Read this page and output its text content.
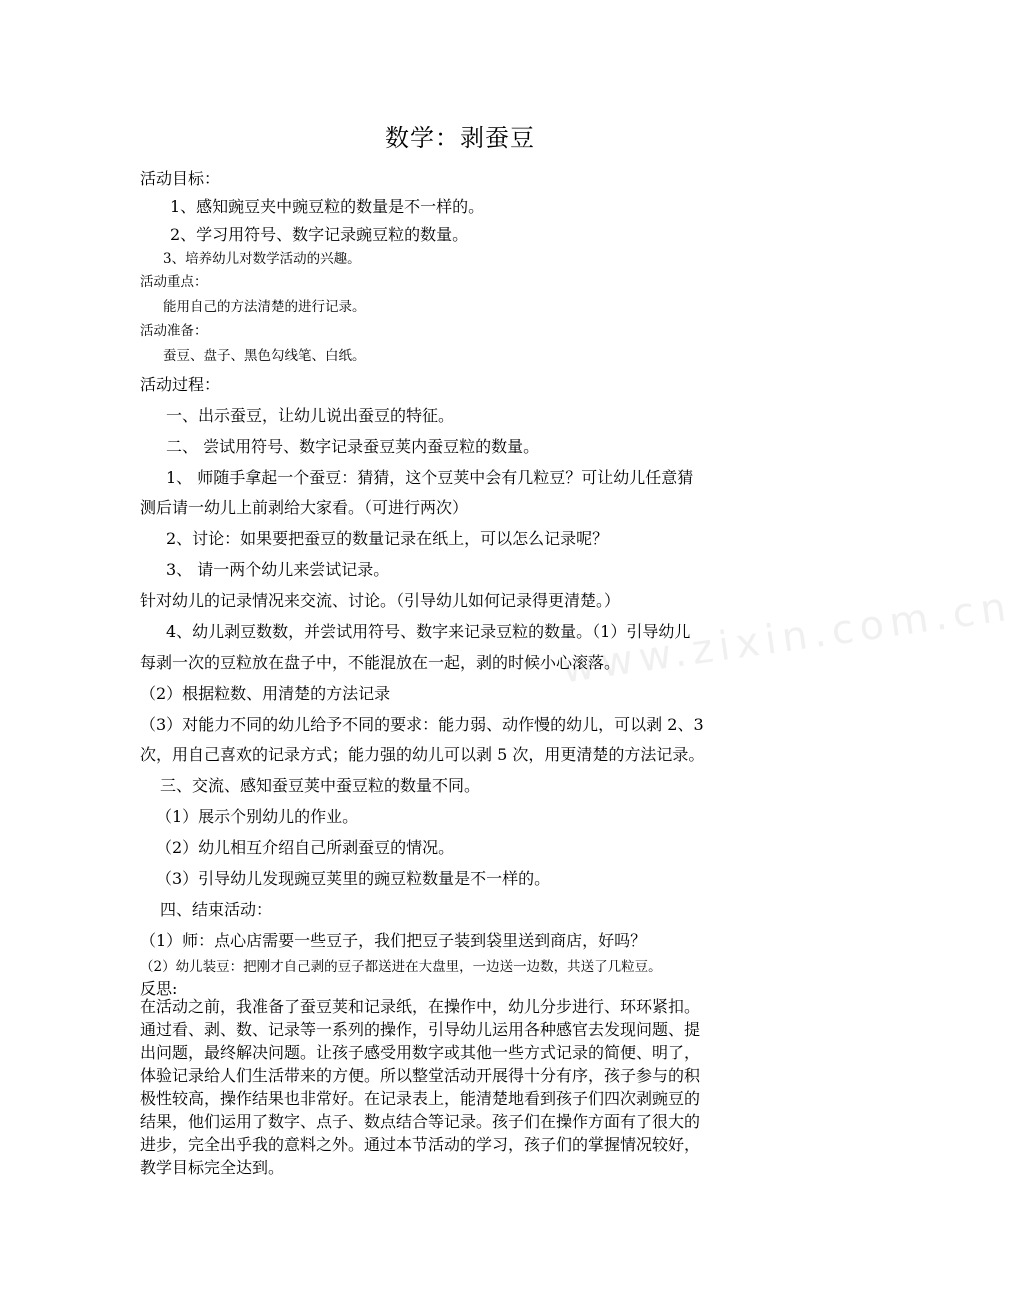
www.zixin.com.cn
数学：剥蚕豆
活动目标：
1、感知豌豆夹中豌豆粒的数量是不一样的。
2、学习用符号、数字记录豌豆粒的数量。
3、培养幼儿对数学活动的兴趣。
活动重点：
能用自己的方法清楚的进行记录。
活动准备：
蚕豆、盘子、黑色勾线笔、白纸。
活动过程：
一、出示蚕豆，让幼儿说出蚕豆的特征。
二、 尝试用符号、数字记录蚕豆荚内蚕豆粒的数量。
1、 师随手拿起一个蚕豆：猜猜，这个豆荚中会有几粒豆？可让幼儿任意猜
测后请一幼儿上前剥给大家看。（可进行两次）
2、讨论：如果要把蚕豆的数量记录在纸上，可以怎么记录呢？
3、 请一两个幼儿来尝试记录。
针对幼儿的记录情况来交流、讨论。（引导幼儿如何记录得更清楚。）
4、幼儿剥豆数数，并尝试用符号、数字来记录豆粒的数量。（1）引导幼儿
每剥一次的豆粒放在盘子中，不能混放在一起，剥的时候小心滚落。
（2）根据粒数、用清楚的方法记录
（3）对能力不同的幼儿给予不同的要求：能力弱、动作慢的幼儿，可以剥 2、3
次，用自己喜欢的记录方式；能力强的幼儿可以剥 5 次，用更清楚的方法记录。
三、交流、感知蚕豆荚中蚕豆粒的数量不同。
（1）展示个别幼儿的作业。
（2）幼儿相互介绍自己所剥蚕豆的情况。
（3）引导幼儿发现豌豆荚里的豌豆粒数量是不一样的。
四、结束活动：
（1）师：点心店需要一些豆子，我们把豆子装到袋里送到商店，好吗？
（2）幼儿装豆：把刚才自己剥的豆子都送进在大盘里，一边送一边数，共送了几粒豆。
反思:
在活动之前，我准备了蚕豆荚和记录纸，在操作中，幼儿分步进行、环环紧扣。
通过看、剥、数、记录等一系列的操作，引导幼儿运用各种感官去发现问题、提
出问题，最终解决问题。让孩子感受用数字或其他一些方式记录的简便、明了，
体验记录给人们生活带来的方便。所以整堂活动开展得十分有序，孩子参与的积
极性较高，操作结果也非常好。在记录表上，能清楚地看到孩子们四次剥豌豆的
结果，他们运用了数字、点子、数点结合等记录。孩子们在操作方面有了很大的
进步，完全出乎我的意料之外。通过本节活动的学习，孩子们的掌握情况较好，
教学目标完全达到。
